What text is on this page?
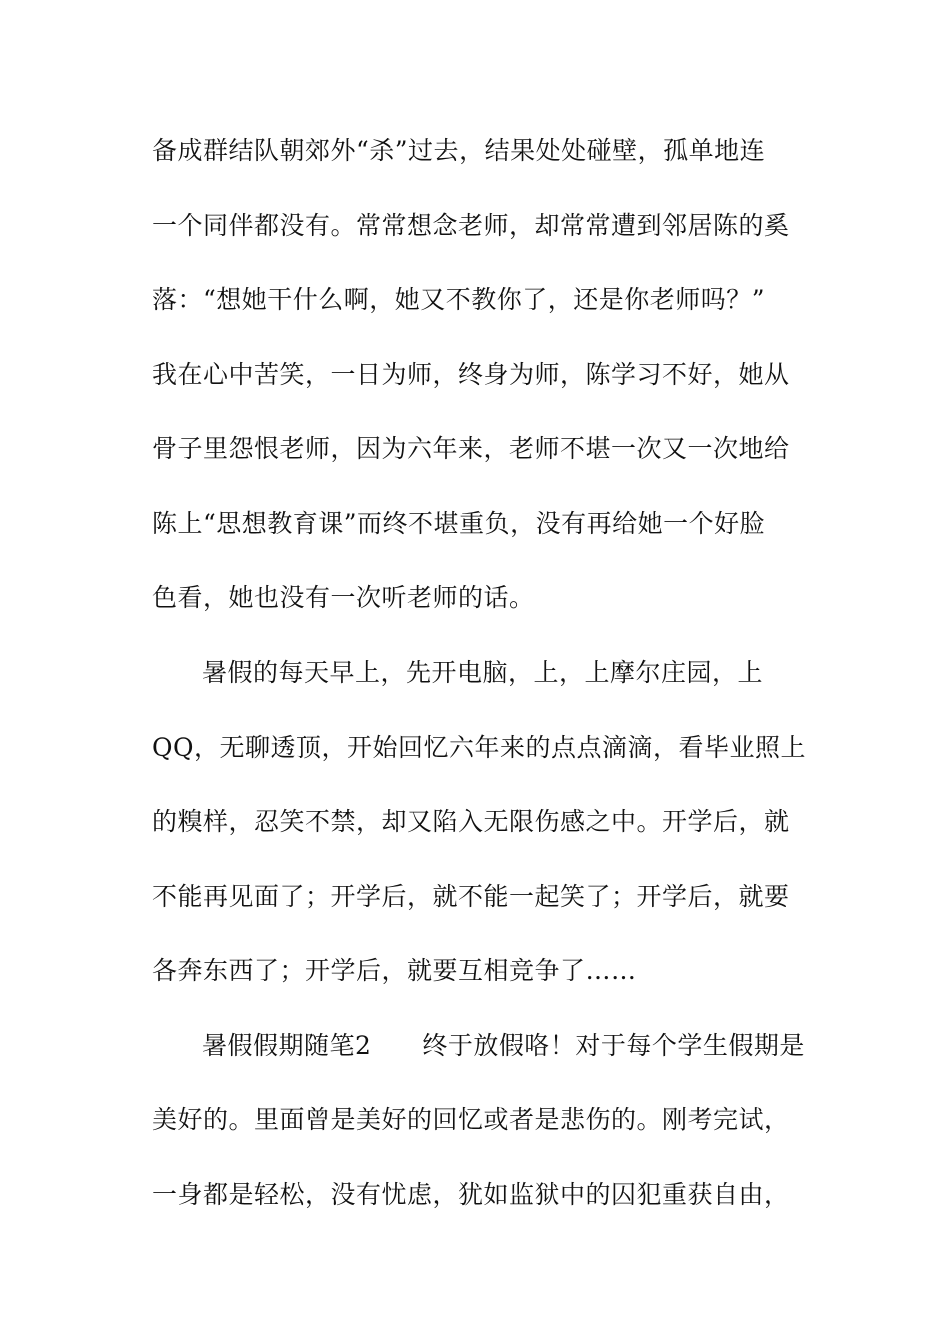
备成群结队朝郊外“杀”过去，结果处处碰壁，孤单地连
一个同伴都没有。常常想念老师，却常常遭到邻居陈的奚
落：“想她干什么啊，她又不教你了，还是你老师吗？”
我在心中苦笑，一日为师，终身为师，陈学习不好，她从
骨子里怨恨老师，因为六年来，老师不堪一次又一次地给
陈上“思想教育课”而终不堪重负，没有再给她一个好脸
色看，她也没有一次听老师的话。
暑假的每天早上，先开电脑，上，上摩尔庄园，上
QQ，无聊透顶，开始回忆六年来的点点滴滴，看毕业照上
的糗样，忍笑不禁，却又陷入无限伤感之中。开学后，就
不能再见面了；开学后，就不能一起笑了；开学后，就要
各奔东西了；开学后，就要互相竞争了……
暑假假期随笔2　　终于放假咯！对于每个学生假期是
美好的。里面曾是美好的回忆或者是悲伤的。刚考完试，
一身都是轻松，没有忧虑，犹如监狱中的囚犯重获自由，
